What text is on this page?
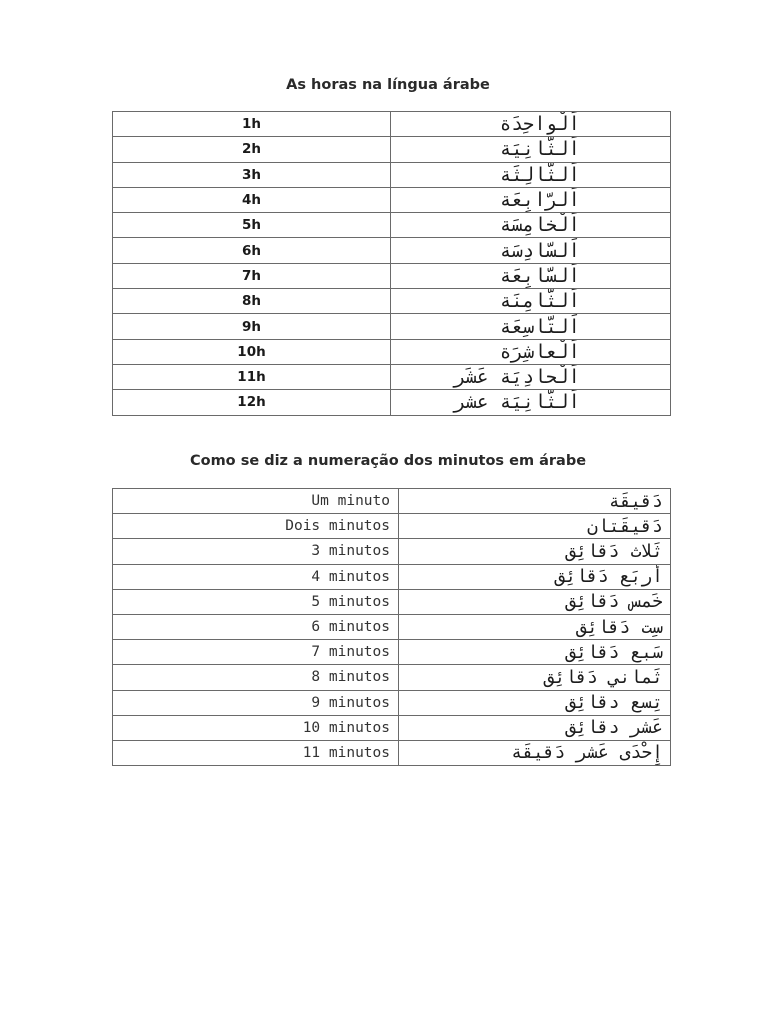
As horas na língua árabe
1h	اَلْواحِدَة
2h	اَلثّانِيَة
3h	اَلثّالِثَة
4h	اَلرّابِعَة
5h	اَلْخامِسَة
6h	اَلسّادِسَة
7h	اَلسّابِعَة
8h	اَلثّامِنَة
9h	اَلتّاسِعَة
10h	اَلْعاشِرَة
11h	اَلْحادِيَة عَشَر
12h	اَلثّانِيَة عشر
Como se diz a numeração dos minutos em árabe
Um minuto	دَقيقَة
Dois minutos	دَقيقَتان
3 minutos	ثَلاث دَقائِق
4 minutos	أَربَع دَقائِق
5 minutos	خَمس دَقائِق
6 minutos	سِت دَقائِق
7 minutos	سَبع دَقائِق
8 minutos	ثَماني دَقائِق
9 minutos	تِسع دقائِق
10 minutos	عَشر دقائِق
11 minutos	إِحْدَى عَشر دَقيقَة
